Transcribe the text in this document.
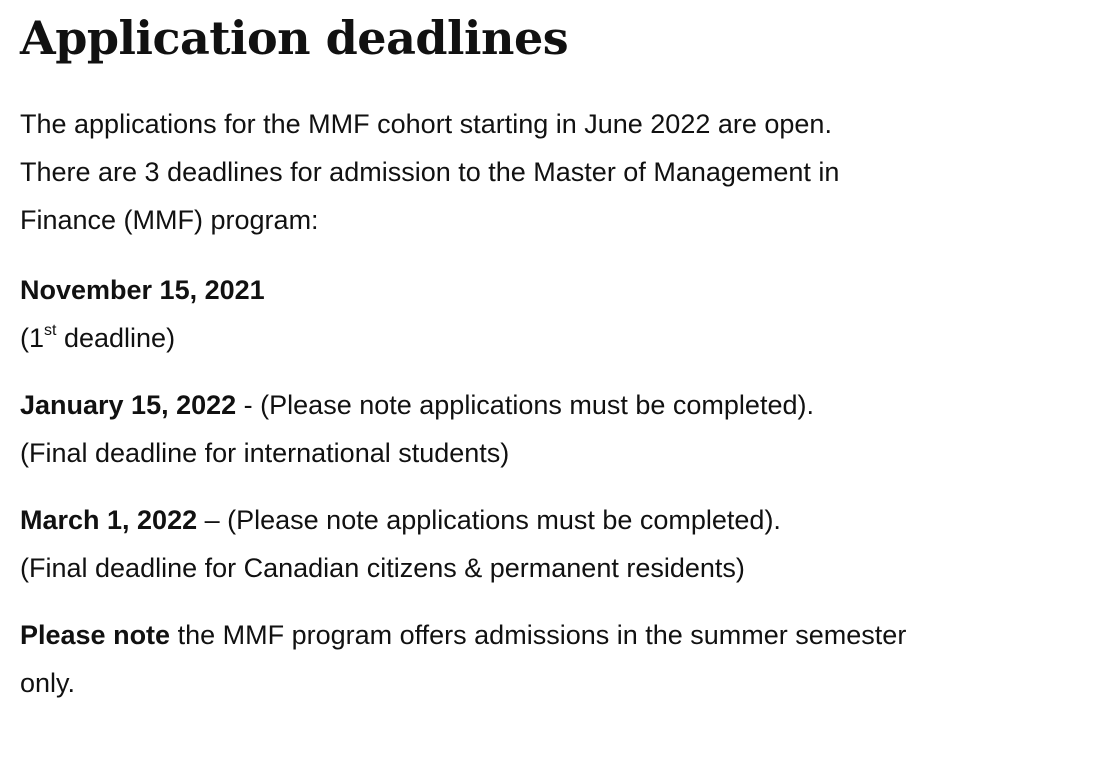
Application deadlines
The applications for the MMF cohort starting in June 2022 are open.
There are 3 deadlines for admission to the Master of Management in
Finance (MMF) program:
November 15, 2021
(1st deadline)
January 15, 2022 - (Please note applications must be completed).
(Final deadline for international students)
March 1, 2022 – (Please note applications must be completed).
(Final deadline for Canadian citizens & permanent residents)
Please note the MMF program offers admissions in the summer semester
only.
